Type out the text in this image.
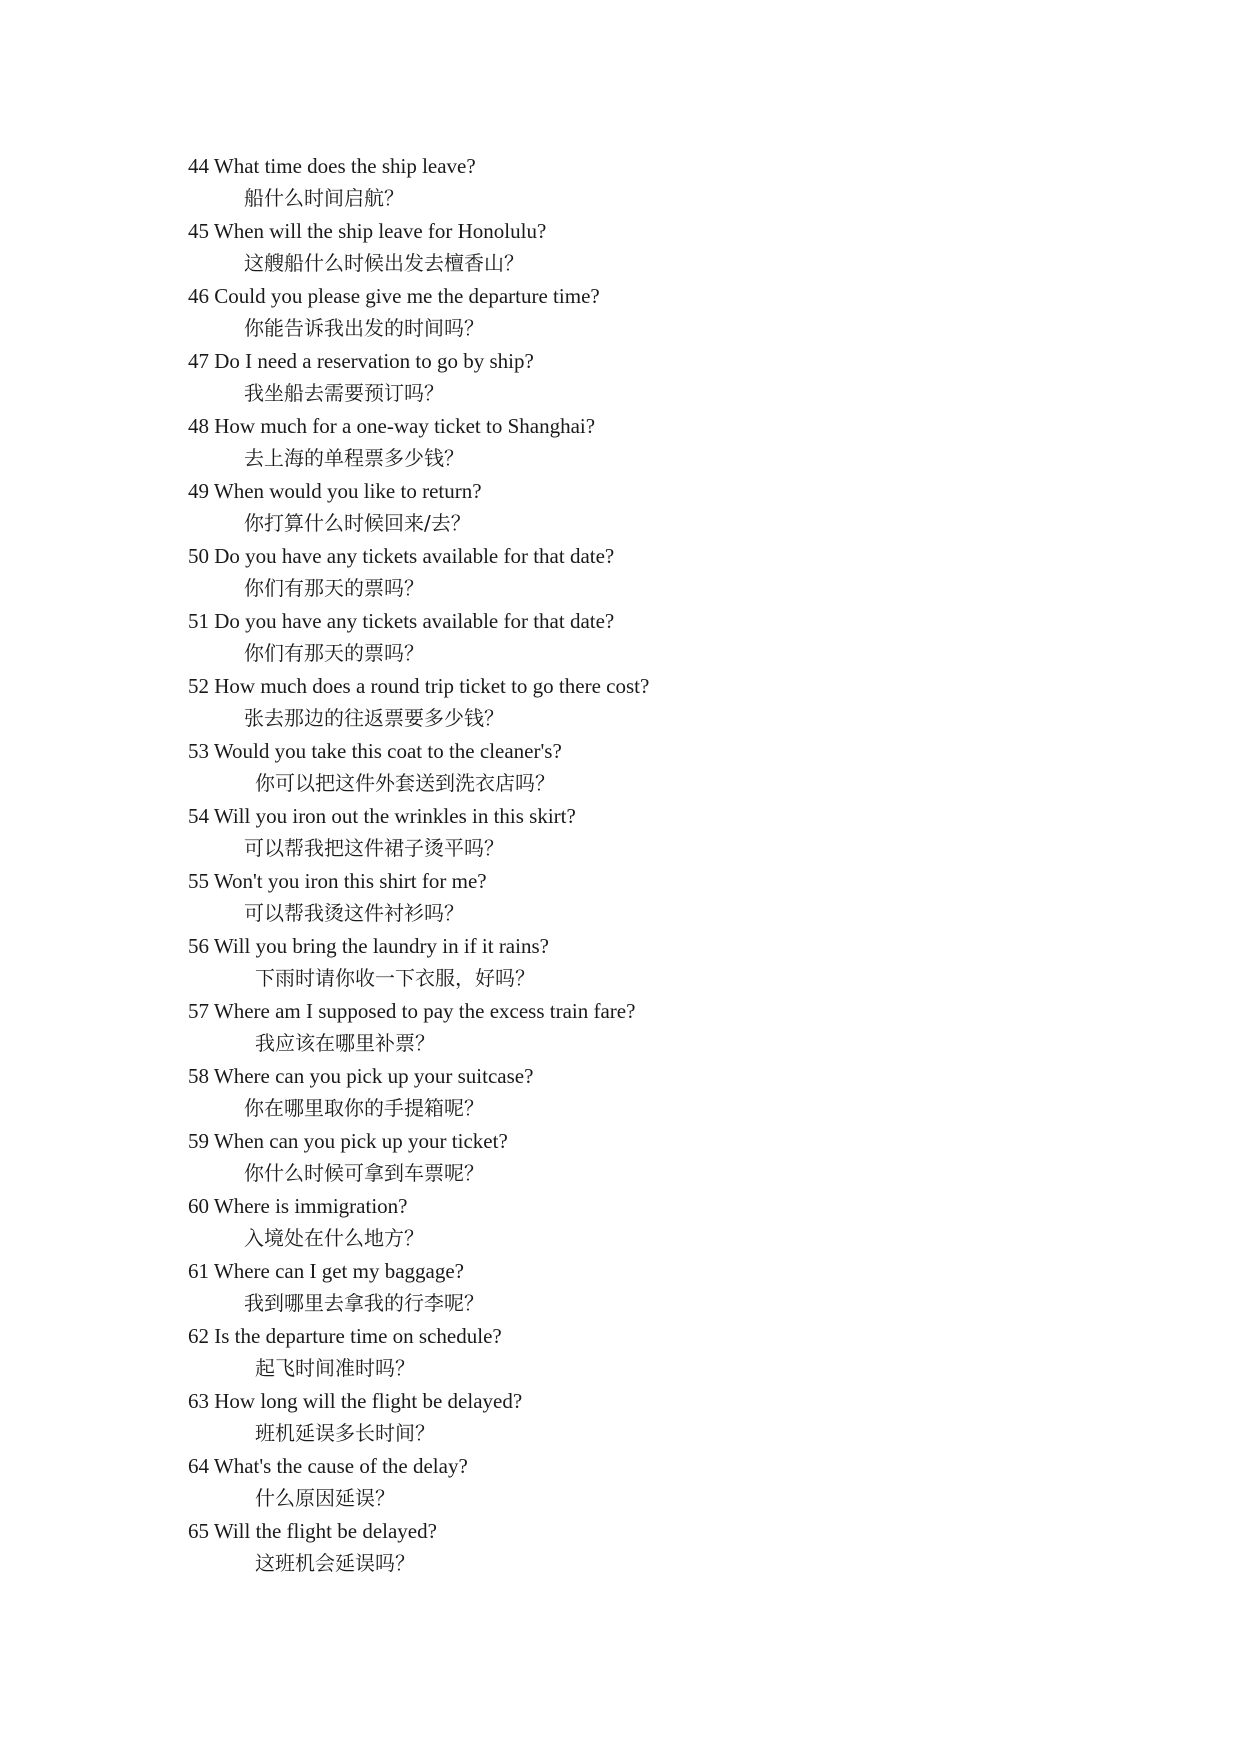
44 What time does the ship leave?
船什么时间启航？
45 When will the ship leave for Honolulu?
这艘船什么时候出发去檀香山？
46 Could you please give me the departure time?
你能告诉我出发的时间吗？
47 Do I need a reservation to go by ship?
我坐船去需要预订吗？
48 How much for a one-way ticket to Shanghai?
去上海的单程票多少钱？
49 When would you like to return?
你打算什么时候回来/去？
50 Do you have any tickets available for that date?
你们有那天的票吗？
51 Do you have any tickets available for that date?
你们有那天的票吗？
52 How much does a round trip ticket to go there cost?
张去那边的往返票要多少钱？
53 Would you take this coat to the cleaner's?
你可以把这件外套送到洗衣店吗？
54 Will you iron out the wrinkles in this skirt?
可以帮我把这件裙子烫平吗？
55 Won't you iron this shirt for me?
可以帮我烫这件衬衫吗？
56 Will you bring the laundry in if it rains?
下雨时请你收一下衣服，好吗？
57 Where am I supposed to pay the excess train fare?
我应该在哪里补票？
58 Where can you pick up your suitcase?
你在哪里取你的手提箱呢？
59 When can you pick up your ticket?
你什么时候可拿到车票呢？
60 Where is immigration?
入境处在什么地方？
61 Where can I get my baggage?
我到哪里去拿我的行李呢？
62 Is the departure time on schedule?
起飞时间准时吗？
63 How long will the flight be delayed?
班机延误多长时间？
64 What's the cause of the delay?
什么原因延误？
65 Will the flight be delayed?
这班机会延误吗？
